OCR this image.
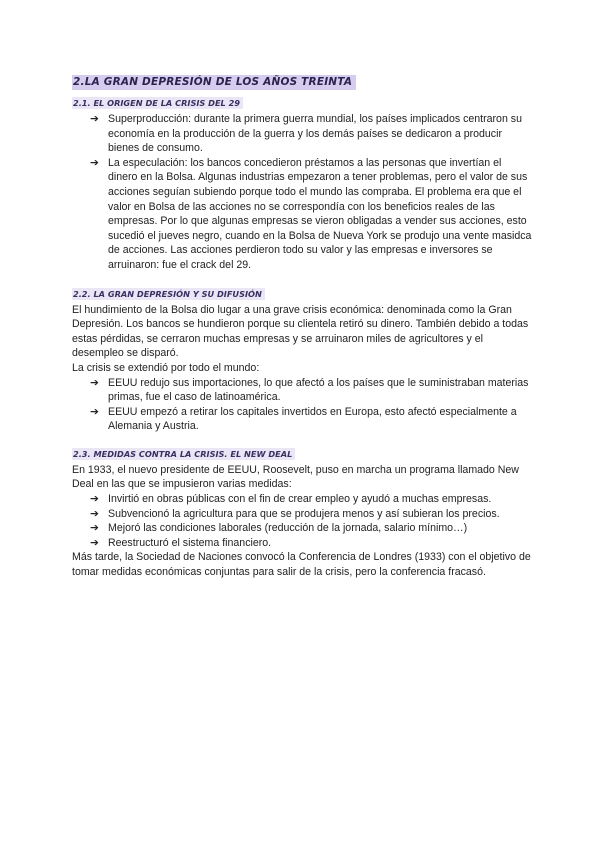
2.LA GRAN DEPRESIÓN DE LOS AÑOS TREINTA
2.1. EL ORIGEN DE LA CRISIS DEL 29
➔ Superproducción: durante la primera guerra mundial, los países implicados centraron su economía en la producción de la guerra y los demás países se dedicaron a producir bienes de consumo.
➔ La especulación: los bancos concedieron préstamos a las personas que invertían el dinero en la Bolsa. Algunas industrias empezaron a tener problemas, pero el valor de sus acciones seguían subiendo porque todo el mundo las compraba. El problema era que el valor en Bolsa de las acciones no se correspondía con los beneficios reales de las empresas. Por lo que algunas empresas se vieron obligadas a vender sus acciones, esto sucedió el jueves negro, cuando en la Bolsa de Nueva York se produjo una vente masidca de acciones. Las acciones perdieron todo su valor y las empresas e inversores se arruinaron: fue el crack del 29.
2.2. LA GRAN DEPRESIÓN Y SU DIFUSIÓN

El hundimiento de la Bolsa dio lugar a una grave crisis económica: denominada como la Gran Depresión. Los bancos se hundieron porque su clientela retiró su dinero. También debido a todas estas pérdidas, se cerraron muchas empresas y se arruinaron miles de agricultores y el desempleo se disparó.

La crisis se extendió por todo el mundo:

➔ EEUU redujo sus importaciones, lo que afectó a los países que le suministraban materias primas, fue el caso de latinoamérica.
➔ EEUU empezó a retirar los capitales invertidos en Europa, esto afectó especialmente a Alemania y Austria.
2.3. MEDIDAS CONTRA LA CRISIS. EL NEW DEAL

En 1933, el nuevo presidente de EEUU, Roosevelt, puso en marcha un programa llamado New Deal en las que se impusieron varias medidas:

➔ Invirtió en obras públicas con el fin de crear empleo y ayudó a muchas empresas.
➔ Subvencionó la agricultura para que se produjera menos y así subieran los precios.
➔ Mejoró las condiciones laborales (reducción de la jornada, salario mínimo…)
➔ Reestructuró el sistema financiero.

Más tarde, la Sociedad de Naciones convocó la Conferencia de Londres (1933) con el objetivo de tomar medidas económicas conjuntas para salir de la crisis, pero la conferencia fracasó.
